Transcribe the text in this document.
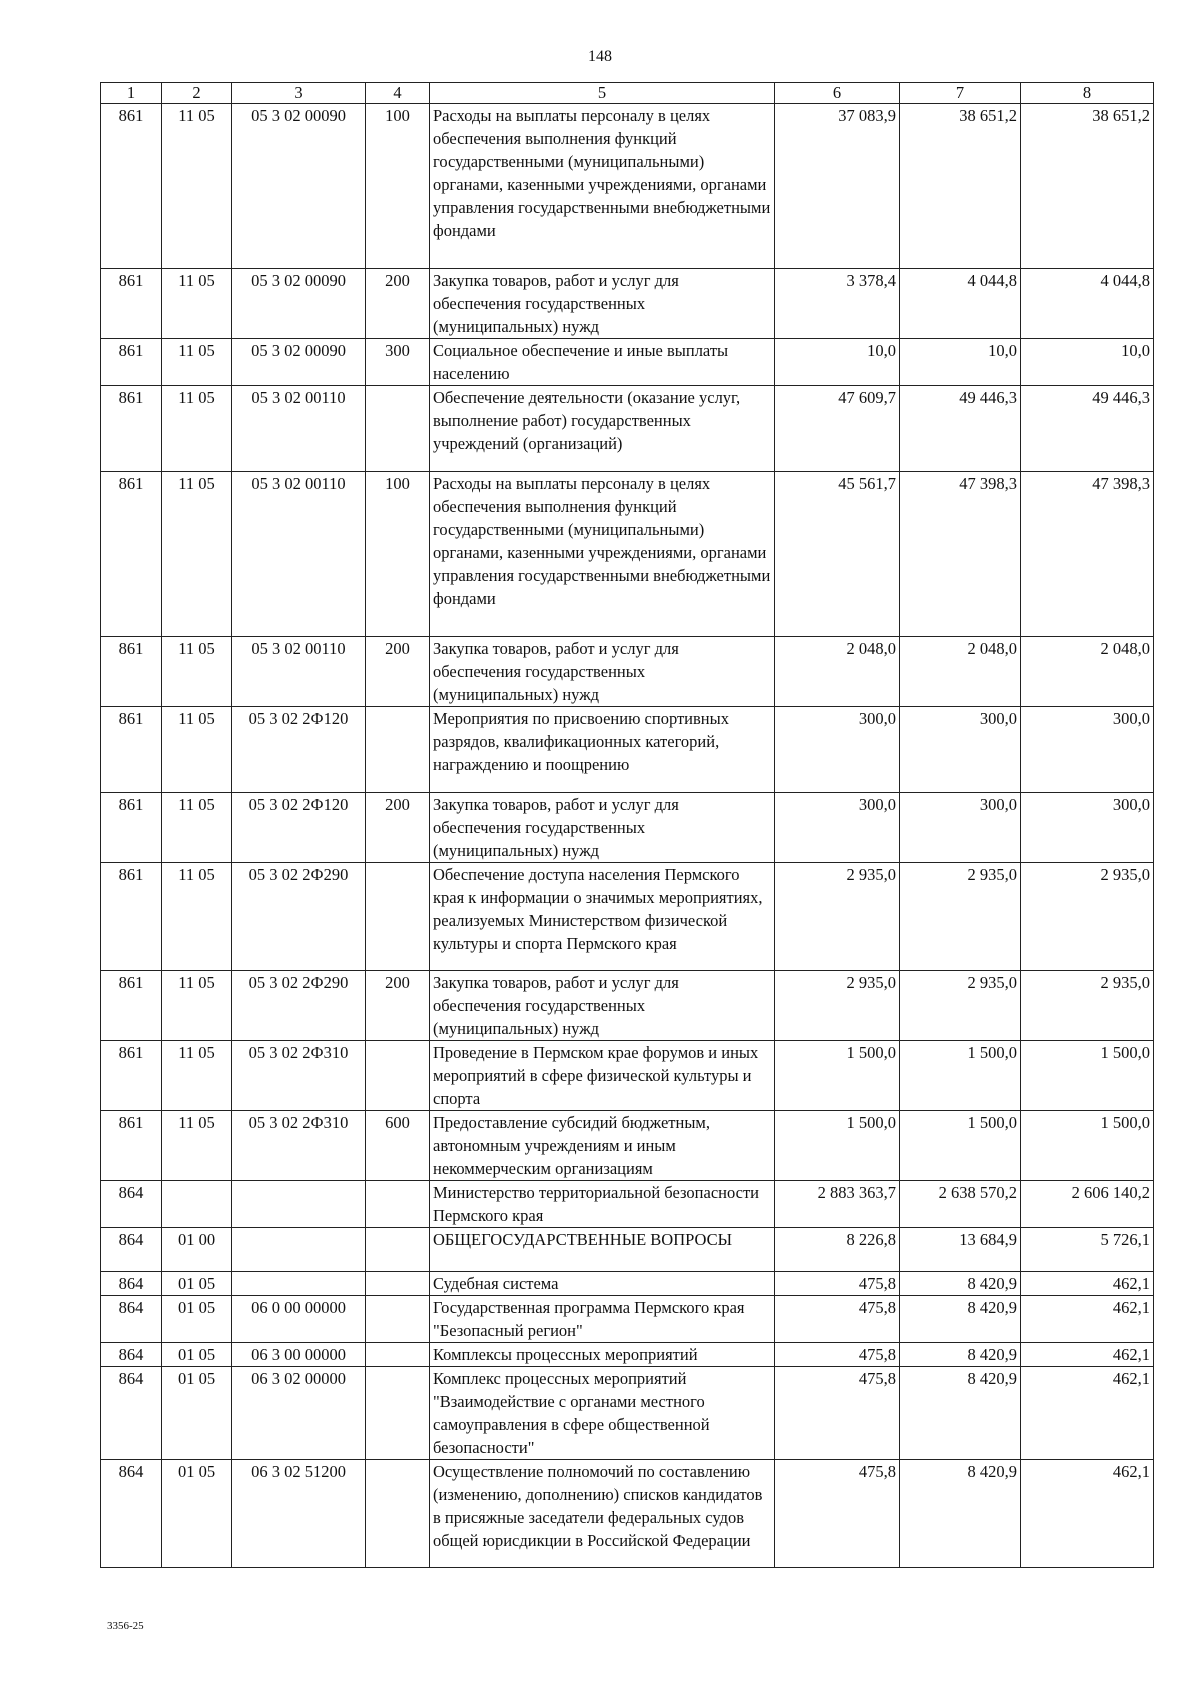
148
1	2	3	4	5	6	7	8
861	11 05	05 3 02 00090	100	Расходы на выплаты персоналу в целях обеспечения выполнения функций государственными (муниципальными) органами, казенными учреждениями, органами управления государственными внебюджетными фондами	37 083,9	38 651,2	38 651,2
861	11 05	05 3 02 00090	200	Закупка товаров, работ и услуг для обеспечения государственных (муниципальных) нужд	3 378,4	4 044,8	4 044,8
861	11 05	05 3 02 00090	300	Социальное обеспечение и иные выплаты населению	10,0	10,0	10,0
861	11 05	05 3 02 00110		Обеспечение деятельности (оказание услуг, выполнение работ) государственных учреждений (организаций)	47 609,7	49 446,3	49 446,3
861	11 05	05 3 02 00110	100	Расходы на выплаты персоналу в целях обеспечения выполнения функций государственными (муниципальными) органами, казенными учреждениями, органами управления государственными внебюджетными фондами	45 561,7	47 398,3	47 398,3
861	11 05	05 3 02 00110	200	Закупка товаров, работ и услуг для обеспечения государственных (муниципальных) нужд	2 048,0	2 048,0	2 048,0
861	11 05	05 3 02 2Ф120		Мероприятия по присвоению спортивных разрядов, квалификационных категорий, награждению и поощрению	300,0	300,0	300,0
861	11 05	05 3 02 2Ф120	200	Закупка товаров, работ и услуг для обеспечения государственных (муниципальных) нужд	300,0	300,0	300,0
861	11 05	05 3 02 2Ф290		Обеспечение доступа населения Пермского края к информации о значимых мероприятиях, реализуемых Министерством физической культуры и спорта Пермского края	2 935,0	2 935,0	2 935,0
861	11 05	05 3 02 2Ф290	200	Закупка товаров, работ и услуг для обеспечения государственных (муниципальных) нужд	2 935,0	2 935,0	2 935,0
861	11 05	05 3 02 2Ф310		Проведение в Пермском крае форумов и иных мероприятий в сфере физической культуры и спорта	1 500,0	1 500,0	1 500,0
861	11 05	05 3 02 2Ф310	600	Предоставление субсидий бюджетным, автономным учреждениям и иным некоммерческим организациям	1 500,0	1 500,0	1 500,0
864				Министерство территориальной безопасности Пермского края	2 883 363,7	2 638 570,2	2 606 140,2
864	01 00			ОБЩЕГОСУДАРСТВЕННЫЕ ВОПРОСЫ	8 226,8	13 684,9	5 726,1
864	01 05			Судебная система	475,8	8 420,9	462,1
864	01 05	06 0 00 00000		Государственная программа Пермского края "Безопасный регион"	475,8	8 420,9	462,1
864	01 05	06 3 00 00000		Комплексы процессных мероприятий	475,8	8 420,9	462,1
864	01 05	06 3 02 00000		Комплекс процессных мероприятий "Взаимодействие с органами местного самоуправления в сфере общественной безопасности"	475,8	8 420,9	462,1
864	01 05	06 3 02 51200		Осуществление полномочий по составлению (изменению, дополнению) списков кандидатов в присяжные заседатели федеральных судов общей юрисдикции в Российской Федерации	475,8	8 420,9	462,1
3356-25
